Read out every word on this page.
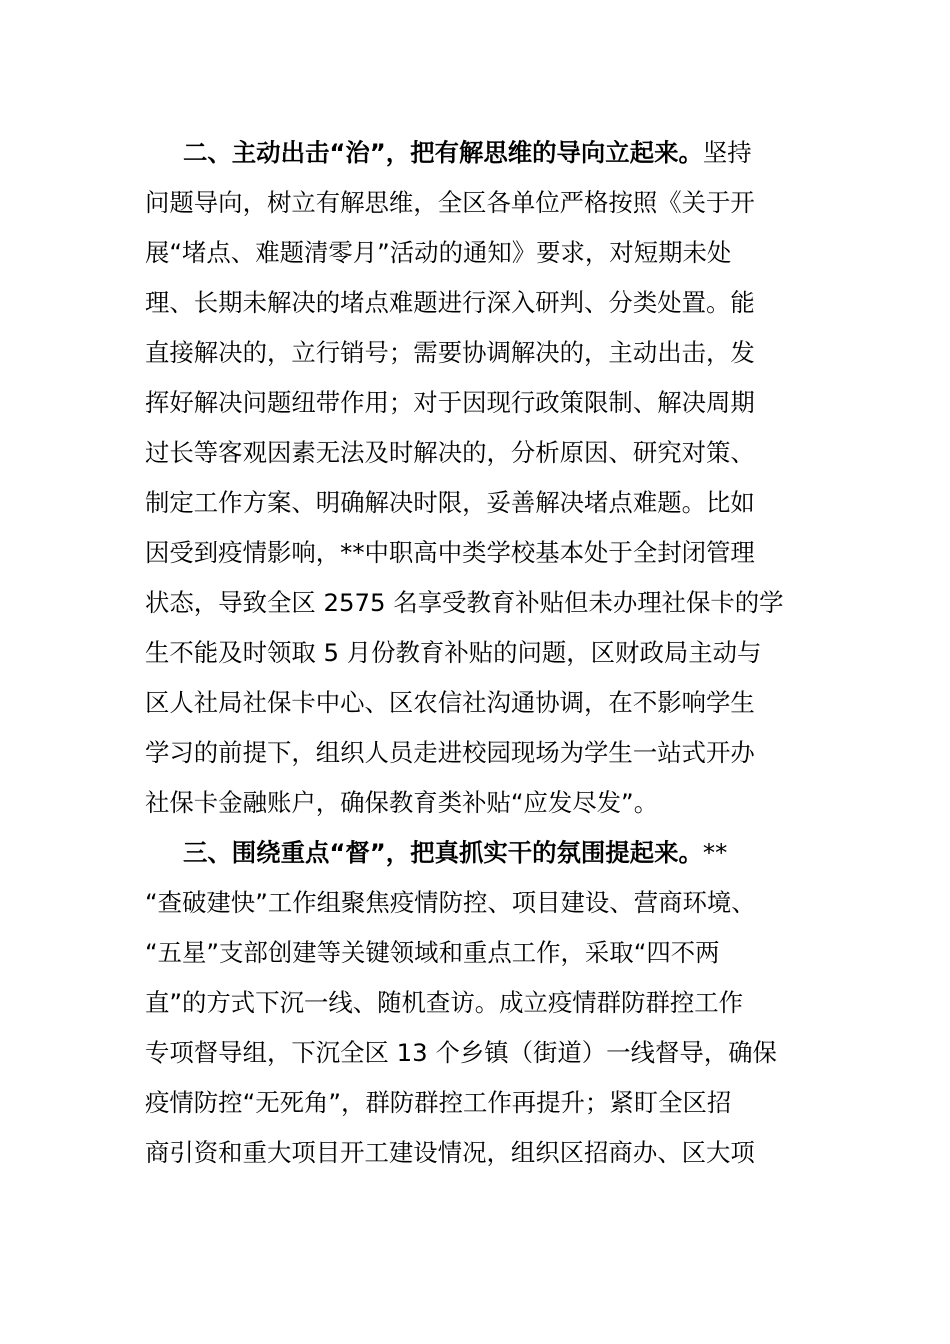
二、主动出击“治”，把有解思维的导向立起来。坚持
问题导向，树立有解思维，全区各单位严格按照《关于开
展“堵点、难题清零月”活动的通知》要求，对短期未处
理、长期未解决的堵点难题进行深入研判、分类处置。能
直接解决的，立行销号；需要协调解决的，主动出击，发
挥好解决问题纽带作用；对于因现行政策限制、解决周期
过长等客观因素无法及时解决的，分析原因、研究对策、
制定工作方案、明确解决时限，妥善解决堵点难题。比如
因受到疫情影响，**中职高中类学校基本处于全封闭管理
状态，导致全区 2575 名享受教育补贴但未办理社保卡的学
生不能及时领取 5 月份教育补贴的问题，区财政局主动与
区人社局社保卡中心、区农信社沟通协调，在不影响学生
学习的前提下，组织人员走进校园现场为学生一站式开办
社保卡金融账户，确保教育类补贴“应发尽发”。
三、围绕重点“督”，把真抓实干的氛围提起来。**
“查破建快”工作组聚焦疫情防控、项目建设、营商环境、
“五星”支部创建等关键领域和重点工作，采取“四不两
直”的方式下沉一线、随机查访。成立疫情群防群控工作
专项督导组，下沉全区 13 个乡镇（街道）一线督导，确保
疫情防控“无死角”，群防群控工作再提升；紧盯全区招
商引资和重大项目开工建设情况，组织区招商办、区大项
